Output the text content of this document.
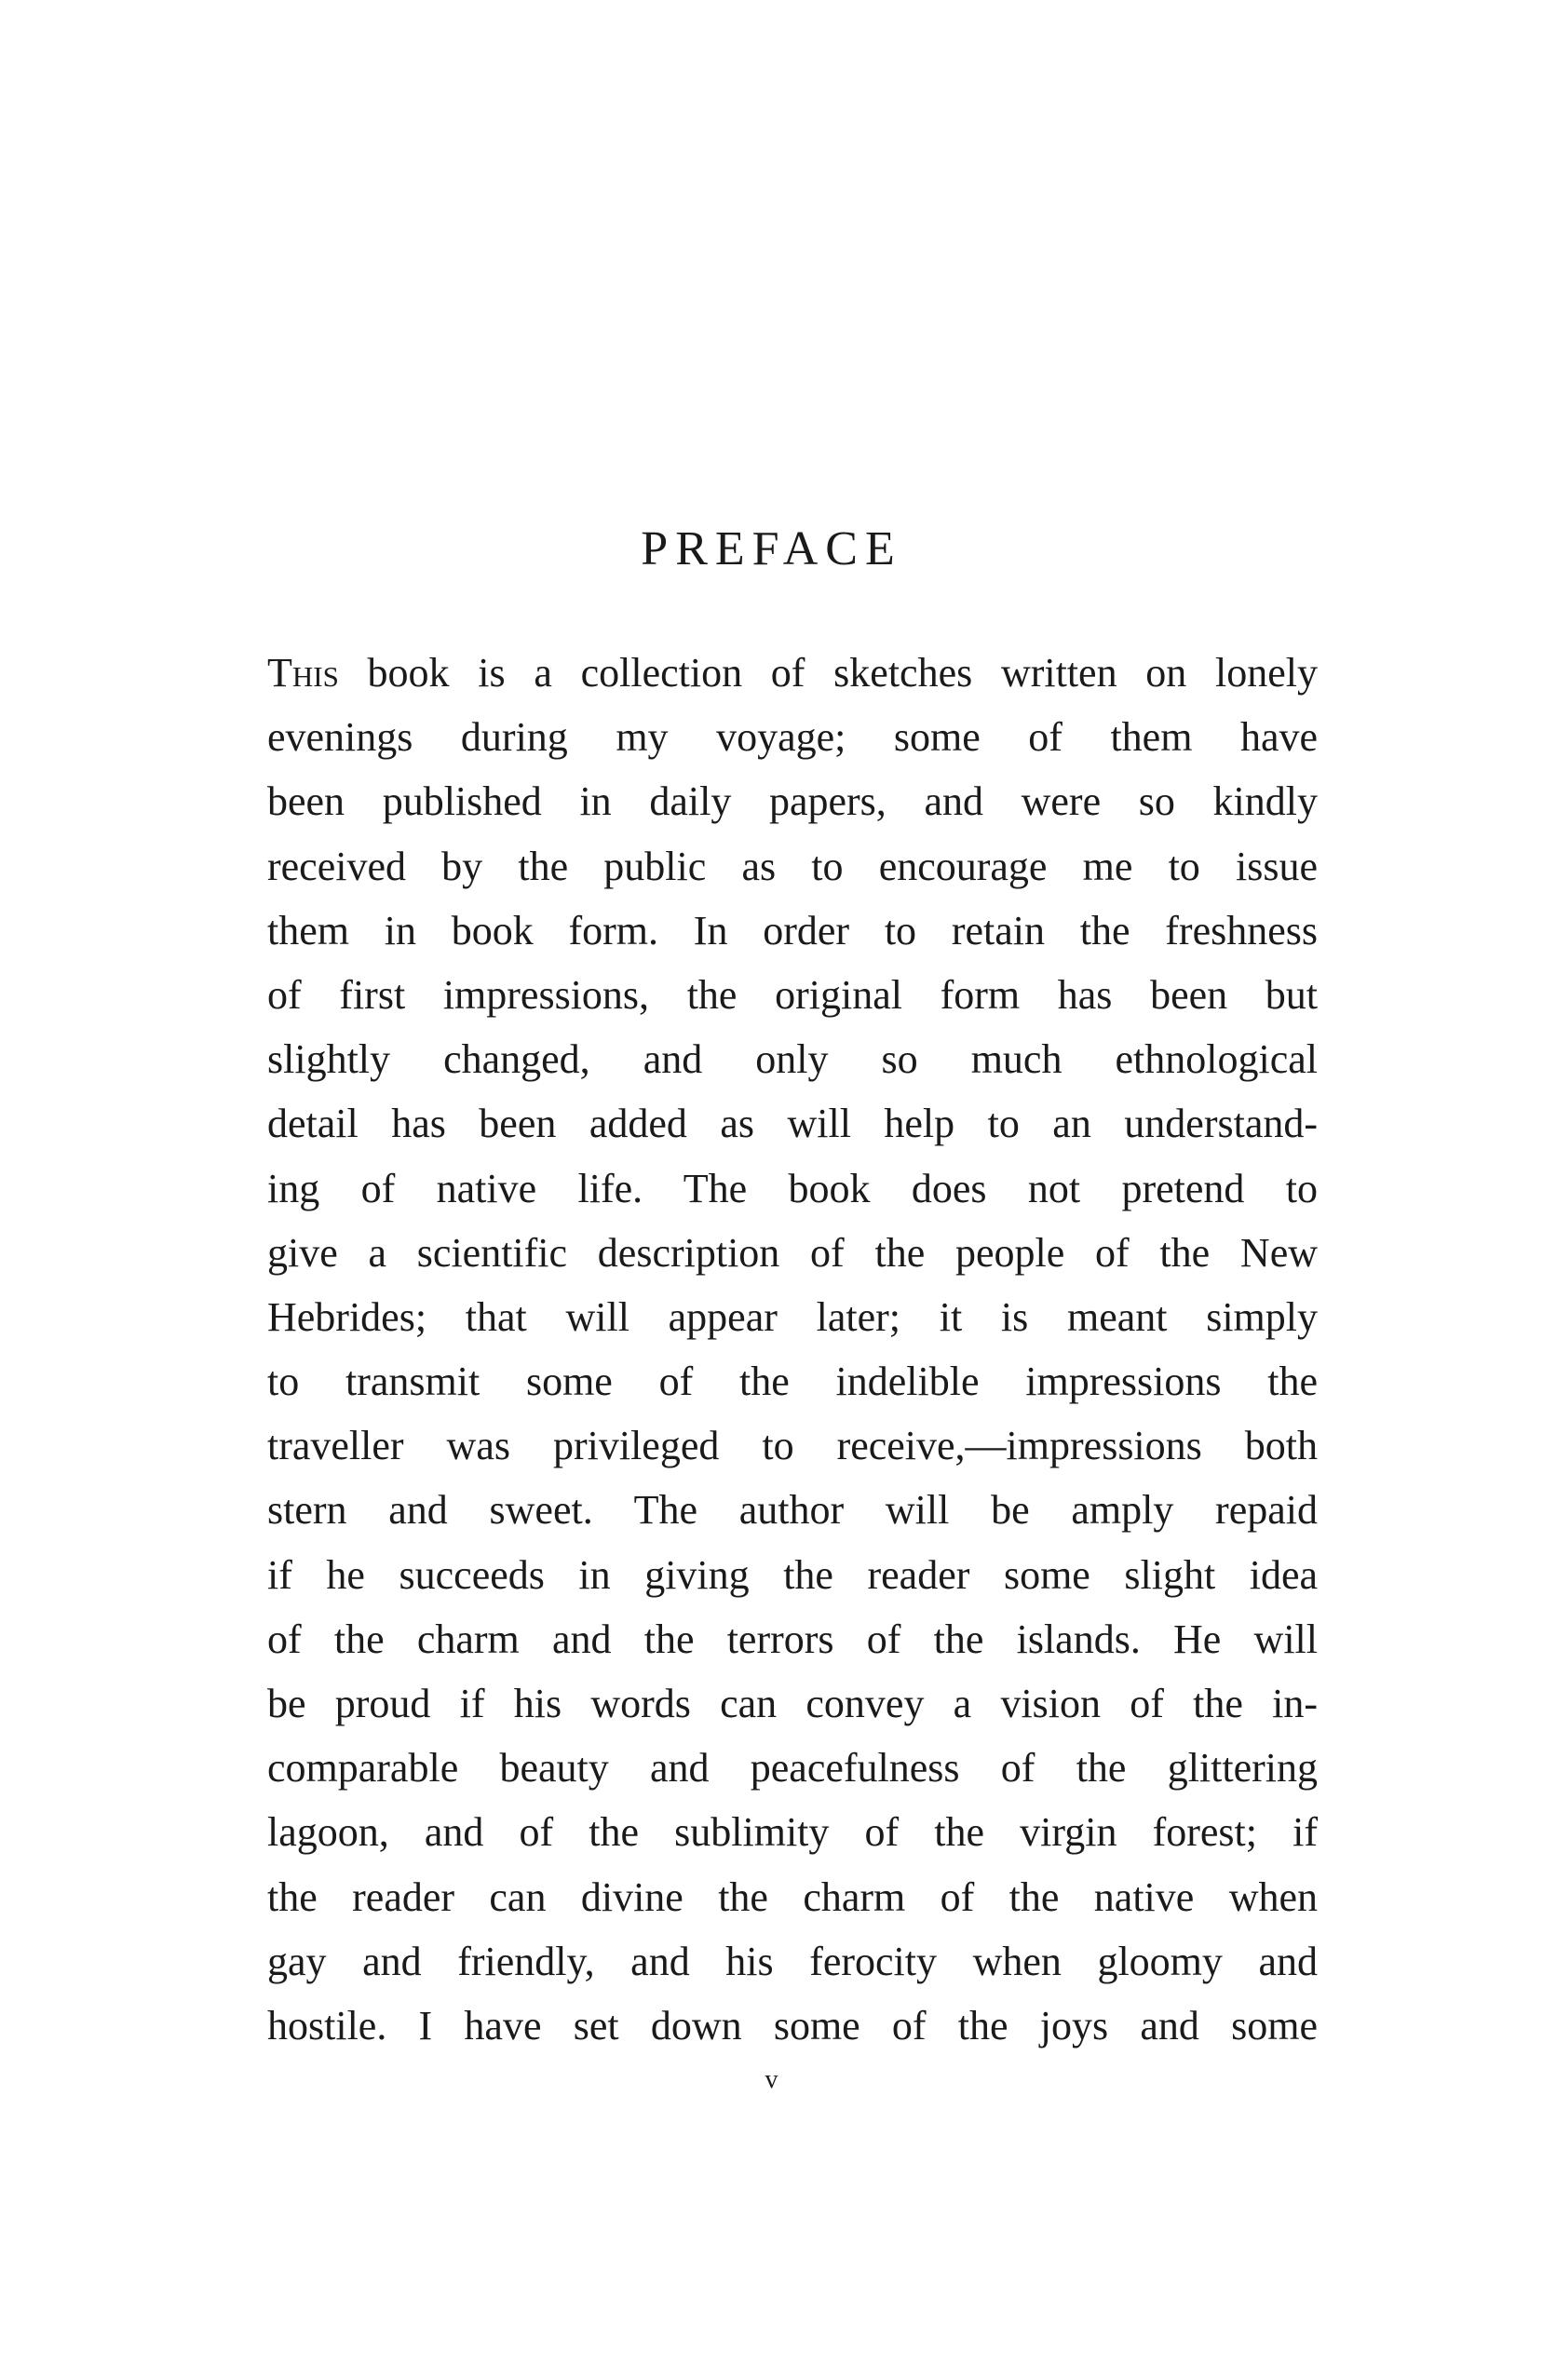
PREFACE
This book is a collection of sketches written on lonely
evenings during my voyage; some of them have
been published in daily papers, and were so kindly
received by the public as to encourage me to issue
them in book form. In order to retain the freshness
of first impressions, the original form has been but
slightly changed, and only so much ethnological
detail has been added as will help to an understand-
ing of native life. The book does not pretend to
give a scientific description of the people of the New
Hebrides; that will appear later; it is meant simply
to transmit some of the indelible impressions the
traveller was privileged to receive,—impressions both
stern and sweet. The author will be amply repaid
if he succeeds in giving the reader some slight idea
of the charm and the terrors of the islands. He will
be proud if his words can convey a vision of the in-
comparable beauty and peacefulness of the glittering
lagoon, and of the sublimity of the virgin forest; if
the reader can divine the charm of the native when
gay and friendly, and his ferocity when gloomy and
hostile. I have set down some of the joys and some
v
